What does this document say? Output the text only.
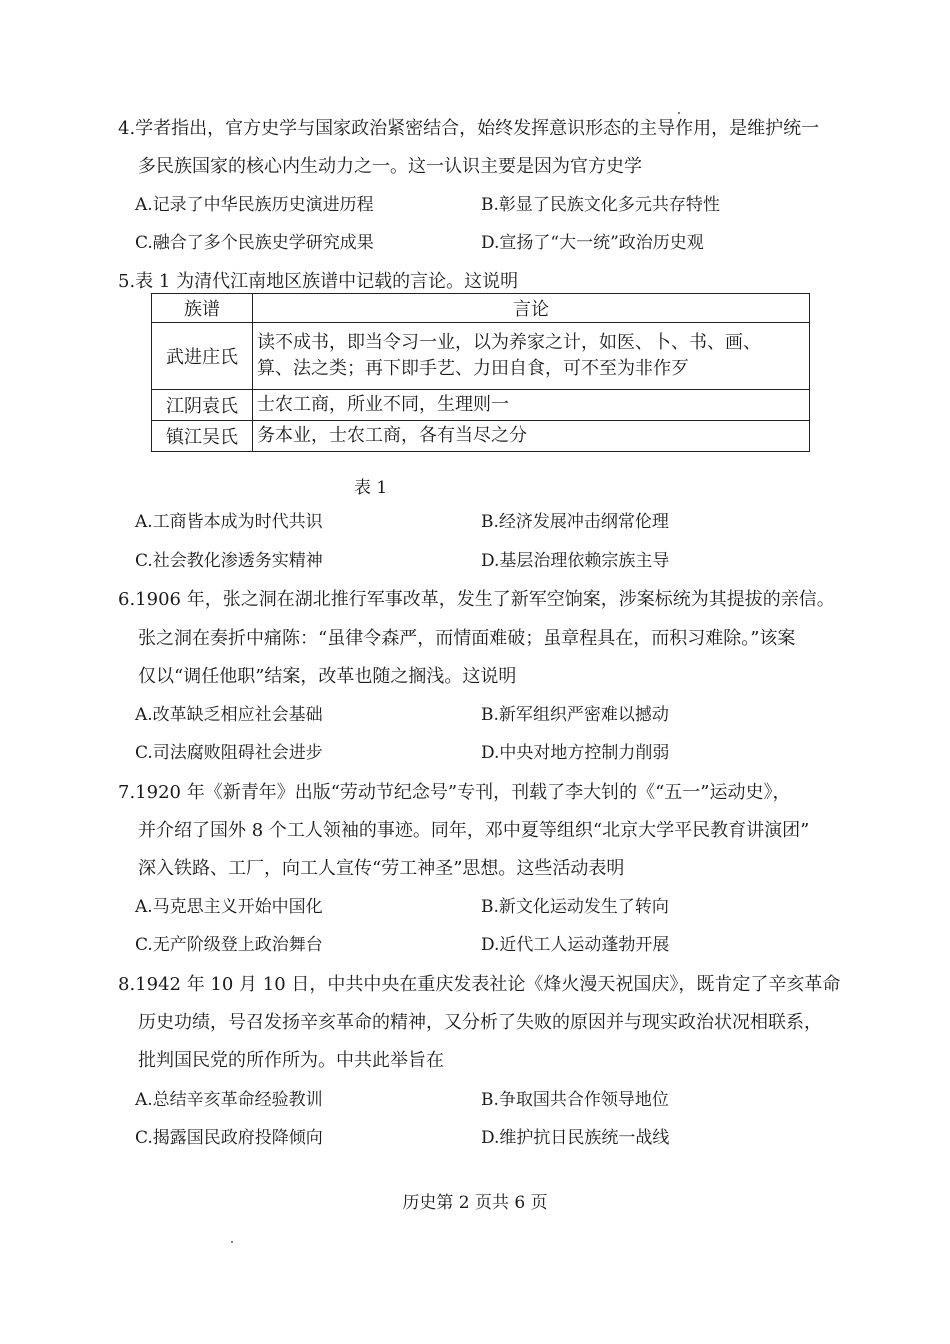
4.学者指出，官方史学与国家政治紧密结合，始终发挥意识形态的主导作用，是维护统一
多民族国家的核心内生动力之一。这一认识主要是因为官方史学
A.记录了中华民族历史演进历程	B.彰显了民族文化多元共存特性
C.融合了多个民族史学研究成果	D.宣扬了“大一统”政治历史观
5.表 1 为清代江南地区族谱中记载的言论。这说明
族谱	言论
武进庄氏	读不成书，即当令习一业，以为养家之计，如医、卜、书、画、
算、法之类；再下即手艺、力田自食，可不至为非作歹

江阴袁氏	士农工商，所业不同，生理则一
镇江吴氏	务本业，士农工商，各有当尽之分
表 1
A.工商皆本成为时代共识	B.经济发展冲击纲常伦理
C.社会教化渗透务实精神	D.基层治理依赖宗族主导
6.1906 年，张之洞在湖北推行军事改革，发生了新军空饷案，涉案标统为其提拔的亲信。
张之洞在奏折中痛陈：“虽律令森严，而情面难破；虽章程具在，而积习难除。”该案
仅以“调任他职”结案，改革也随之搁浅。这说明
A.改革缺乏相应社会基础	B.新军组织严密难以撼动
C.司法腐败阻碍社会进步	D.中央对地方控制力削弱
7.1920 年《新青年》出版“劳动节纪念号”专刊，刊载了李大钊的《“五一”运动史》，
并介绍了国外 8 个工人领袖的事迹。同年，邓中夏等组织“北京大学平民教育讲演团”
深入铁路、工厂，向工人宣传“劳工神圣”思想。这些活动表明
A.马克思主义开始中国化	B.新文化运动发生了转向
C.无产阶级登上政治舞台	D.近代工人运动蓬勃开展
8.1942 年 10 月 10 日，中共中央在重庆发表社论《烽火漫天祝国庆》，既肯定了辛亥革命
历史功绩，号召发扬辛亥革命的精神，又分析了失败的原因并与现实政治状况相联系，
批判国民党的所作所为。中共此举旨在
A.总结辛亥革命经验教训	B.争取国共合作领导地位
C.揭露国民政府投降倾向	D.维护抗日民族统一战线
历史第 2 页共 6 页
